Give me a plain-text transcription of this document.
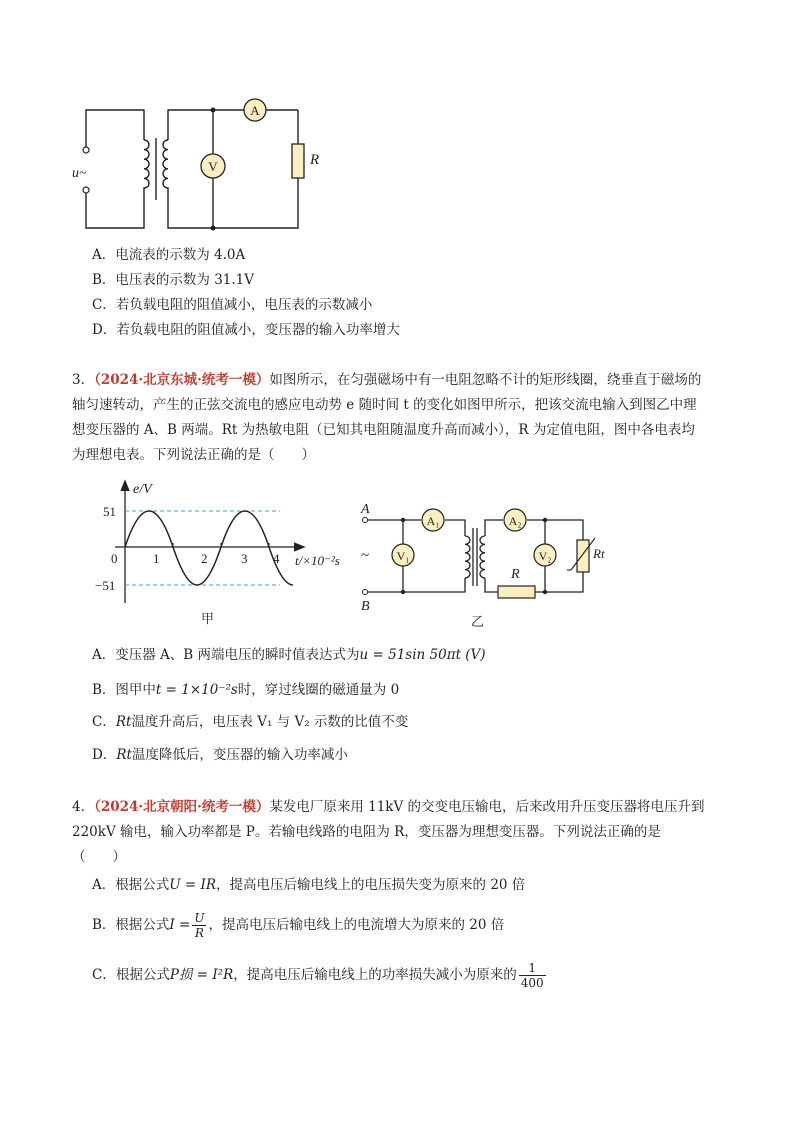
A
V	R
u~
A．电流表的示数为 4.0A
B．电压表的示数为 31.1V
C．若负载电阻的阻值减小，电压表的示数减小
D．若负载电阻的阻值减小，变压器的输入功率增大
3．（2024·北京东城·统考一模）如图所示，在匀强磁场中有一电阻忽略不计的矩形线圈，绕垂直于磁场的
轴匀速转动，产生的正弦交流电的感应电动势 e 随时间 t 的变化如图甲所示，把该交流电输入到图乙中理
想变压器的 A、B 两端。Rt 为热敏电阻（已知其电阻随温度升高而减小），R 为定值电阻，图中各电表均
为理想电表。下列说法正确的是（　　）
e/V
51
−51
0	1	2	3 4 t/×10⁻²s
甲
A₁	A₂
V₁	V₂
A
B
~
R
Rt
乙
A．变压器 A、B 两端电压的瞬时值表达式为u = 51sin 50πt (V)
B．图甲中t = 1×10⁻²s时，穿过线圈的磁通量为 0
C．Rt温度升高后，电压表 V₁ 与 V₂ 示数的比值不变
D．Rt温度降低后，变压器的输入功率减小
4．（2024·北京朝阳·统考一模）某发电厂原来用 11kV 的交变电压输电，后来改用升压变压器将电压升到
220kV 输电，输入功率都是 P。若输电线路的电阻为 R，变压器为理想变压器。下列说法正确的是
（　　）
A．根据公式U = IR，提高电压后输电线上的电压损失变为原来的 20 倍
B．根据公式$I = \frac{U}{R}$ ，提高电压后输电线上的电流增大为原来的 20 倍
C．根据公式P损 = I²R，提高电压后输电线上的功率损失减小为原来的 $\frac{1}{400}$
